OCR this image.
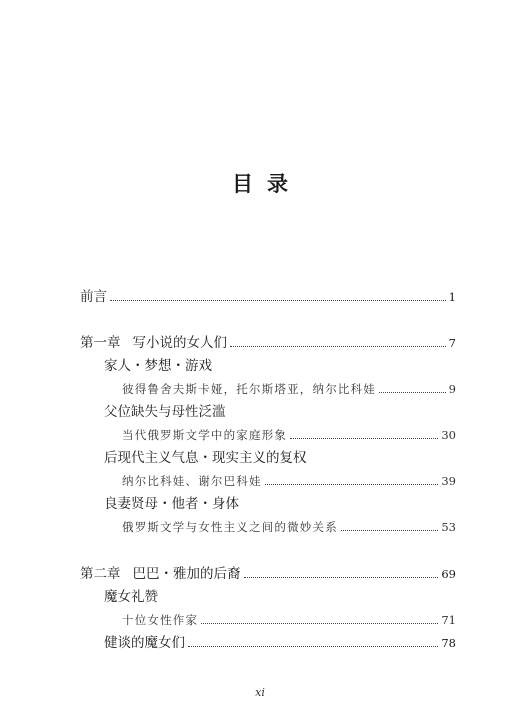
目录
前言	1
第一章 写小说的女人们	7
家人・梦想・游戏
彼得鲁舍夫斯卡娅，托尔斯塔亚，纳尔比科娃	9
父位缺失与母性泛滥
当代俄罗斯文学中的家庭形象	30
后现代主义气息・现实主义的复权
纳尔比科娃、谢尔巴科娃	39
良妻贤母・他者・身体
俄罗斯文学与女性主义之间的微妙关系	53
第二章 巴巴・雅加的后裔	69
魔女礼赞
十位女性作家	71
健谈的魔女们	78
xi
